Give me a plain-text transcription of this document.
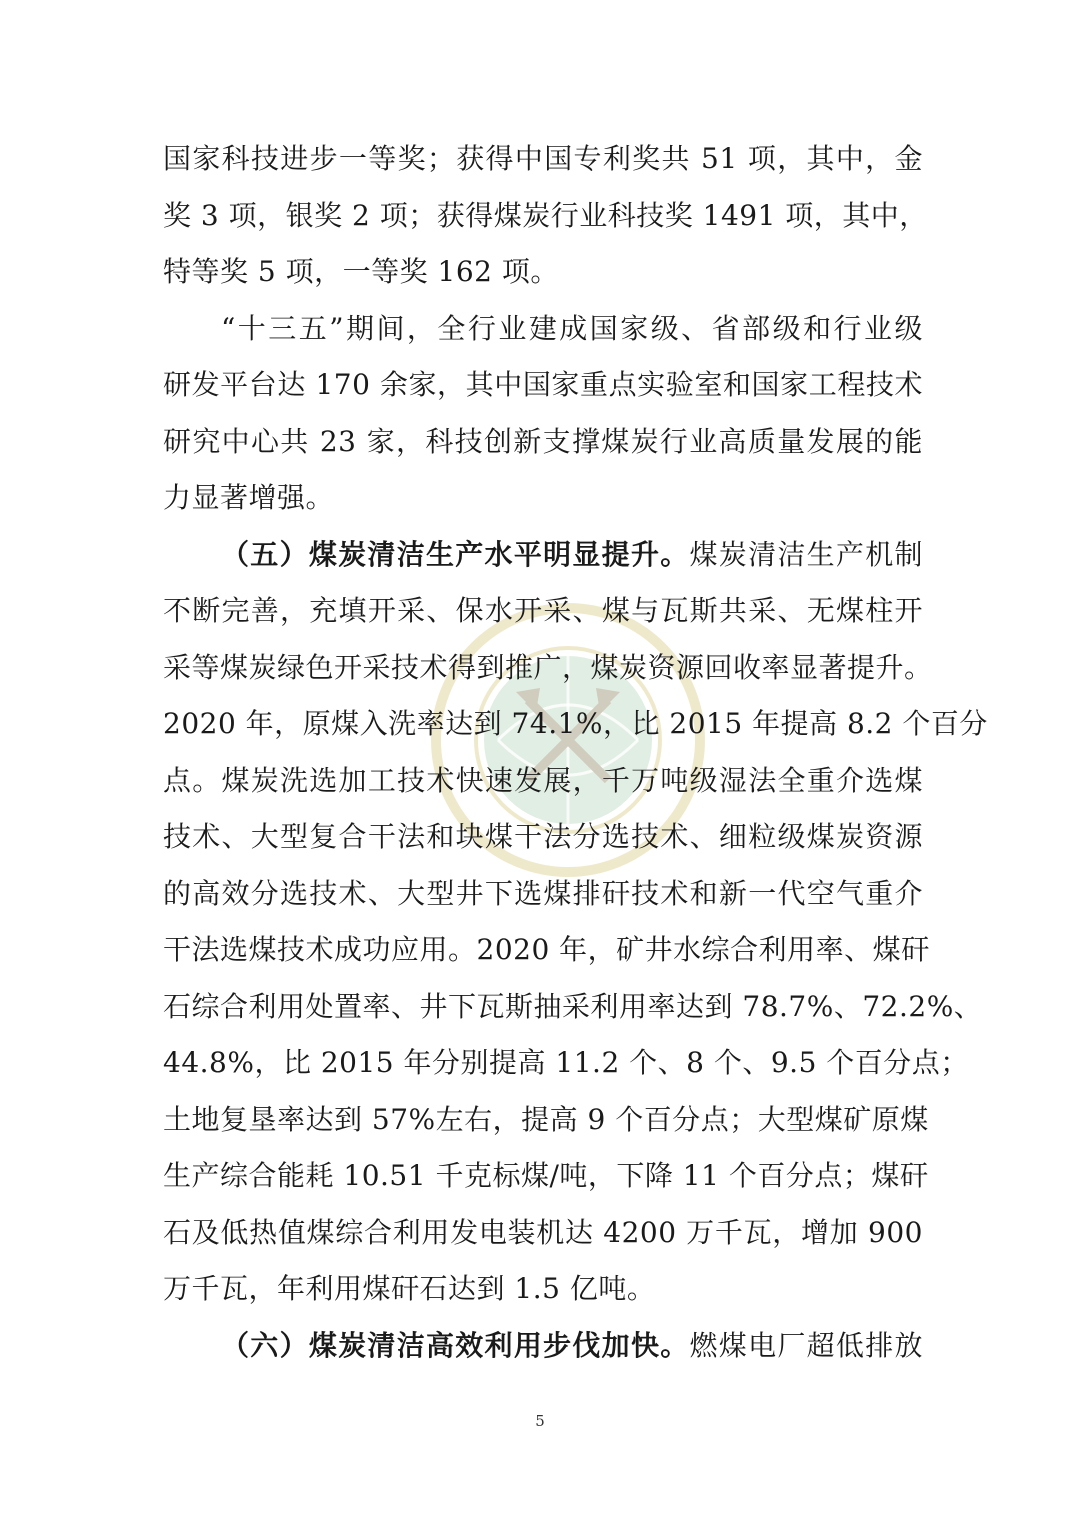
国家科技进步一等奖；获得中国专利奖共 51 项，其中，金
奖 3 项，银奖 2 项；获得煤炭行业科技奖 1491 项，其中，
特等奖 5 项，一等奖 162 项。
“十三五”期间，全行业建成国家级、省部级和行业级
研发平台达 170 余家，其中国家重点实验室和国家工程技术
研究中心共 23 家，科技创新支撑煤炭行业高质量发展的能
力显著增强。
（五）煤炭清洁生产水平明显提升。煤炭清洁生产机制
不断完善，充填开采、保水开采、煤与瓦斯共采、无煤柱开
采等煤炭绿色开采技术得到推广，煤炭资源回收率显著提升。
2020 年，原煤入洗率达到 74.1%，比 2015 年提高 8.2 个百分
点。煤炭洗选加工技术快速发展，千万吨级湿法全重介选煤
技术、大型复合干法和块煤干法分选技术、细粒级煤炭资源
的高效分选技术、大型井下选煤排矸技术和新一代空气重介
干法选煤技术成功应用。2020 年，矿井水综合利用率、煤矸
石综合利用处置率、井下瓦斯抽采利用率达到 78.7%、72.2%、
44.8%，比 2015 年分别提高 11.2 个、8 个、9.5 个百分点；
土地复垦率达到 57%左右，提高 9 个百分点；大型煤矿原煤
生产综合能耗 10.51 千克标煤/吨，下降 11 个百分点；煤矸
石及低热值煤综合利用发电装机达 4200 万千瓦，增加 900
万千瓦，年利用煤矸石达到 1.5 亿吨。
（六）煤炭清洁高效利用步伐加快。燃煤电厂超低排放
5
